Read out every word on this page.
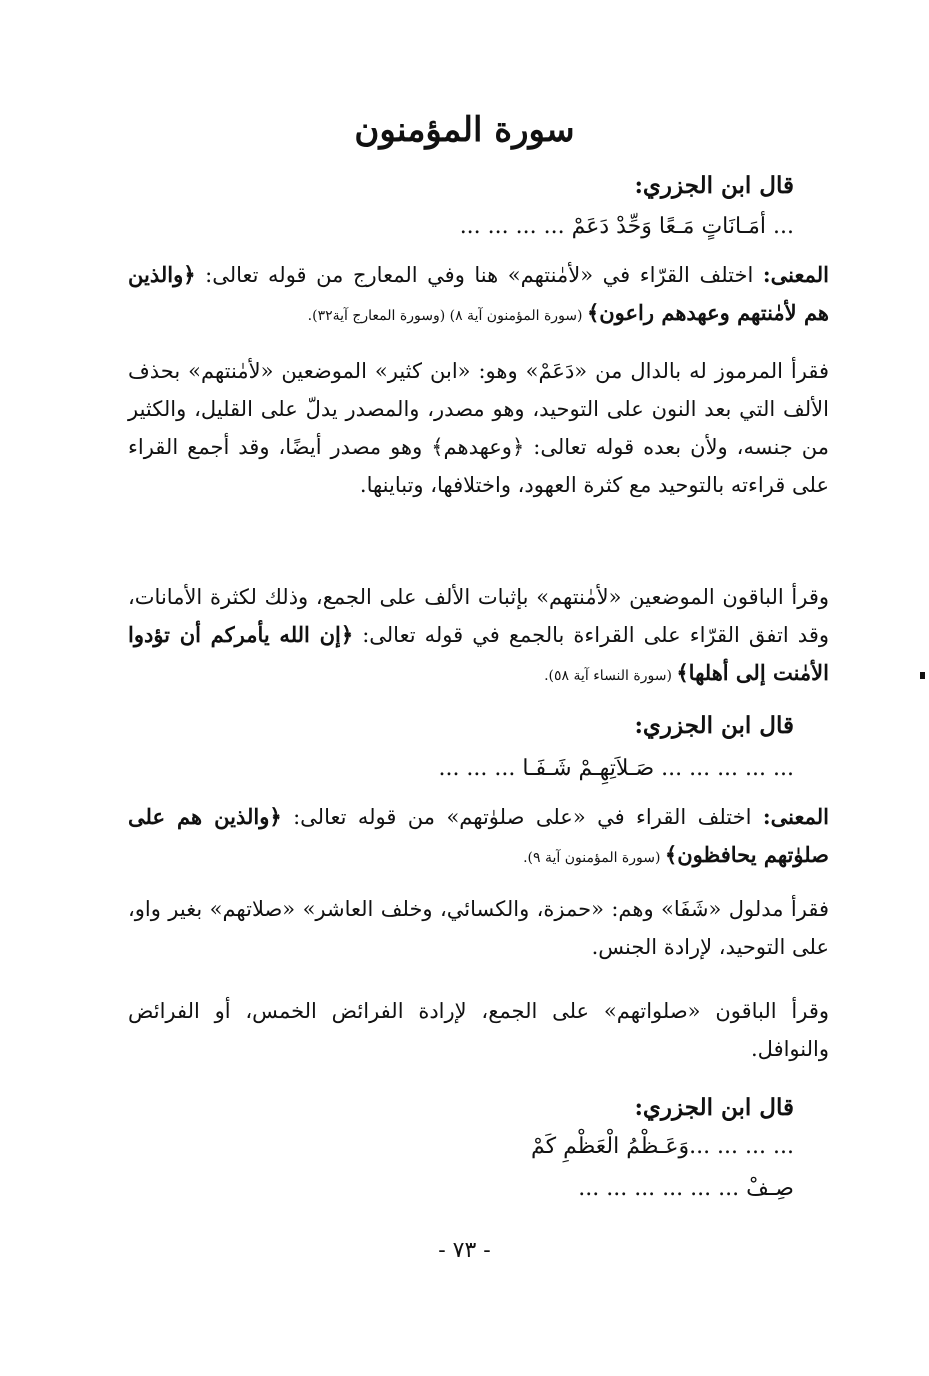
سورة المؤمنون
قال ابن الجزري:
... أمَـانَاتٍ مَـعًا وَحِّدْ دَعَمْ ... ... ... ...
المعنى: اختلف القرّاء في «لأمٰنتهم» هنا وفي المعارج من قوله تعالى: ﴿والذين هم لأمٰنتهم وعهدهم راعون﴾ (سورة المؤمنون آية ٨) (وسورة المعارج آية٣٢).
فقرأ المرموز له بالدال من «دَعَمْ» وهو: «ابن كثير» الموضعين «لأمٰنتهم» بحذف الألف التي بعد النون على التوحيد، وهو مصدر، والمصدر يدلّ على القليل، والكثير من جنسه، ولأن بعده قوله تعالى: ﴿وعهدهم﴾ وهو مصدر أيضًا، وقد أجمع القراء على قراءته بالتوحيد مع كثرة العهود، واختلافها، وتباينها.
وقرأ الباقون الموضعين «لأمٰنتهم» بإثبات الألف على الجمع، وذلك لكثرة الأمانات، وقد اتفق القرّاء على القراءة بالجمع في قوله تعالى: ﴿إن الله يأمركم أن تؤدوا الأمٰنت إلى أهلها﴾ (سورة النساء آية ٥٨).
قال ابن الجزري:
... ... ... ... ... صَـلاَتِهِـمْ شَـفَـا ... ... ...
المعنى: اختلف القراء في «على صلوٰتهم» من قوله تعالى: ﴿والذين هم على صلوٰتهم يحافظون﴾ (سورة المؤمنون آية ٩).
فقرأ مدلول «شَفَا» وهم: «حمزة، والكسائي، وخلف العاشر» «صلاتهم» بغير واو، على التوحيد، لإرادة الجنس.
وقرأ الباقون «صلواتهم» على الجمع، لإرادة الفرائض الخمس، أو الفرائض والنوافل.
قال ابن الجزري:
... ... ... ...وَعَـظْمُ الْعَظْمِ كَمْ
صِـفْ ... ... ... ... ... ...
- ٧٣ -
